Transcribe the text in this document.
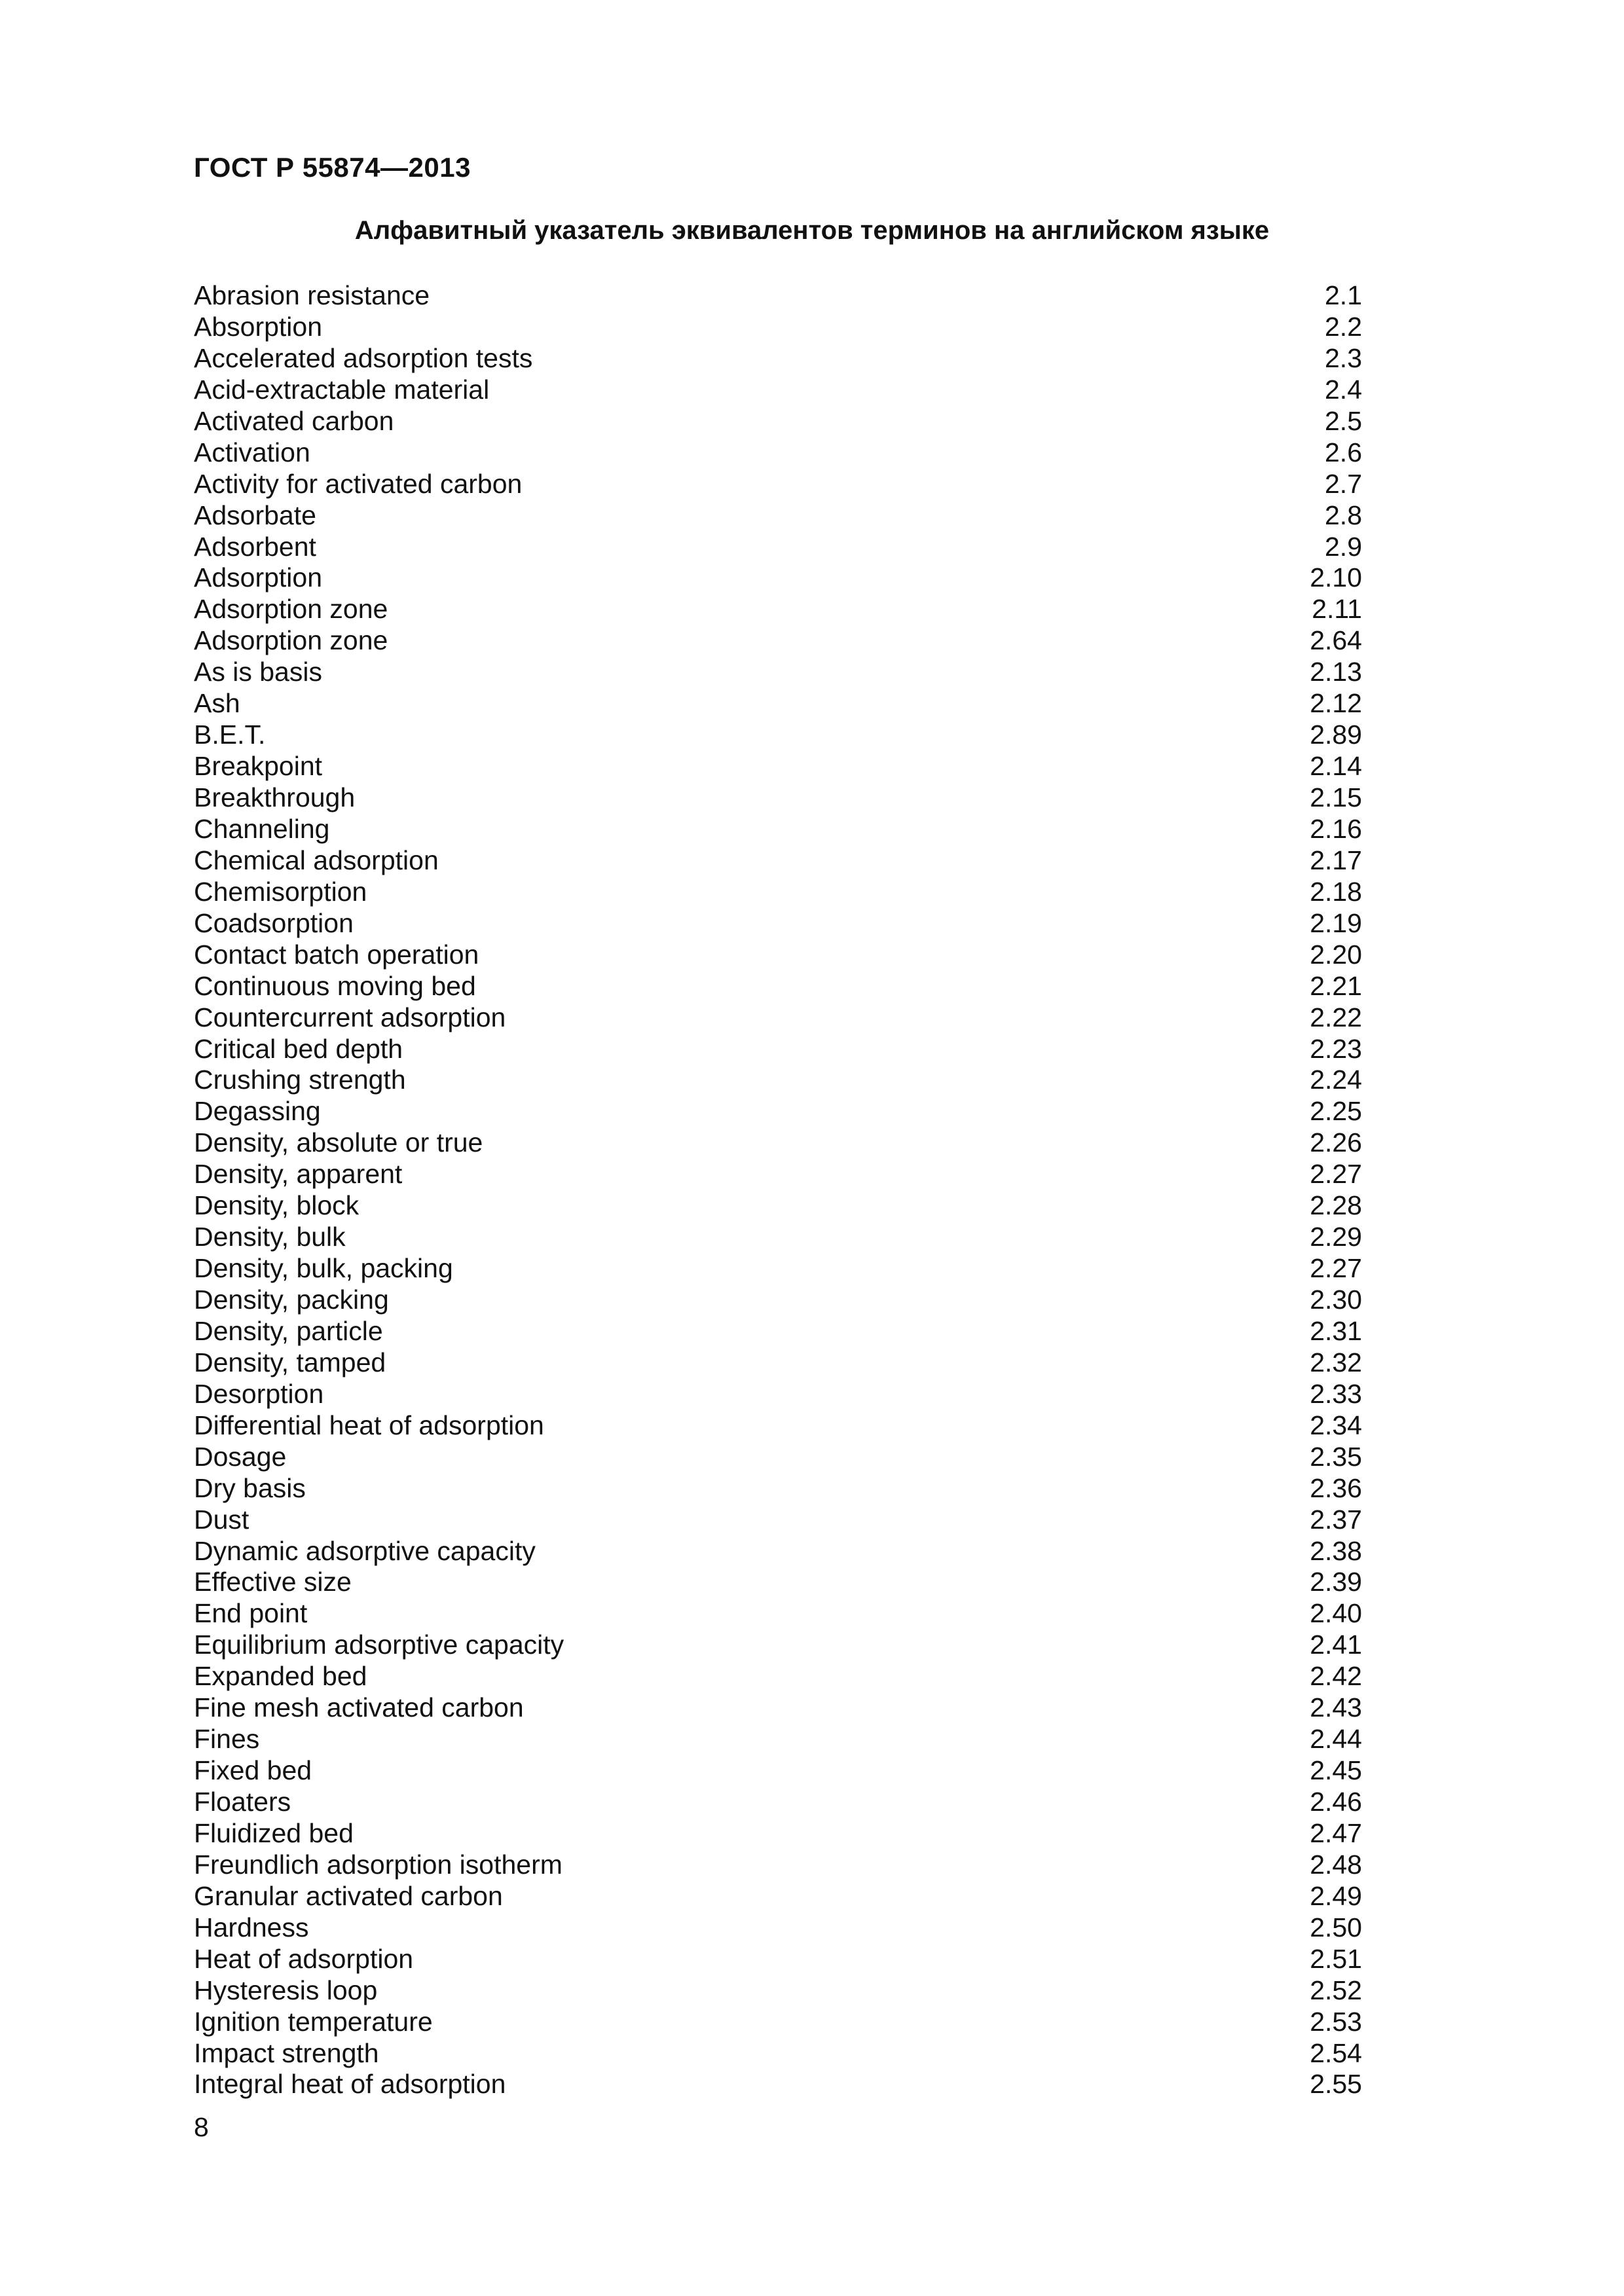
ГОСТ Р 55874—2013
Алфавитный указатель эквивалентов терминов на английском языке
Abrasion resistance	2.1
Absorption	2.2
Accelerated adsorption tests	2.3
Acid-extractable material	2.4
Activated carbon	2.5
Activation	2.6
Activity for activated carbon	2.7
Adsorbate	2.8
Adsorbent	2.9
Adsorption	2.10
Adsorption zone	2.11
Adsorption zone	2.64
As is basis	2.13
Ash	2.12
B.E.T.	2.89
Breakpoint	2.14
Breakthrough	2.15
Channeling	2.16
Chemical adsorption	2.17
Chemisorption	2.18
Coadsorption	2.19
Contact batch operation	2.20
Continuous moving bed	2.21
Countercurrent adsorption	2.22
Critical bed depth	2.23
Crushing strength	2.24
Degassing	2.25
Density, absolute or true	2.26
Density, apparent	2.27
Density, block	2.28
Density, bulk	2.29
Density, bulk, packing	2.27
Density, packing	2.30
Density, particle	2.31
Density, tamped	2.32
Desorption	2.33
Differential heat of adsorption	2.34
Dosage	2.35
Dry basis	2.36
Dust	2.37
Dynamic adsorptive capacity	2.38
Effective size	2.39
End point	2.40
Equilibrium adsorptive capacity	2.41
Expanded bed	2.42
Fine mesh activated carbon	2.43
Fines	2.44
Fixed bed	2.45
Floaters	2.46
Fluidized bed	2.47
Freundlich adsorption isotherm	2.48
Granular activated carbon	2.49
Hardness	2.50
Heat of adsorption	2.51
Hysteresis loop	2.52
Ignition temperature	2.53
Impact strength	2.54
Integral heat of adsorption	2.55
8
